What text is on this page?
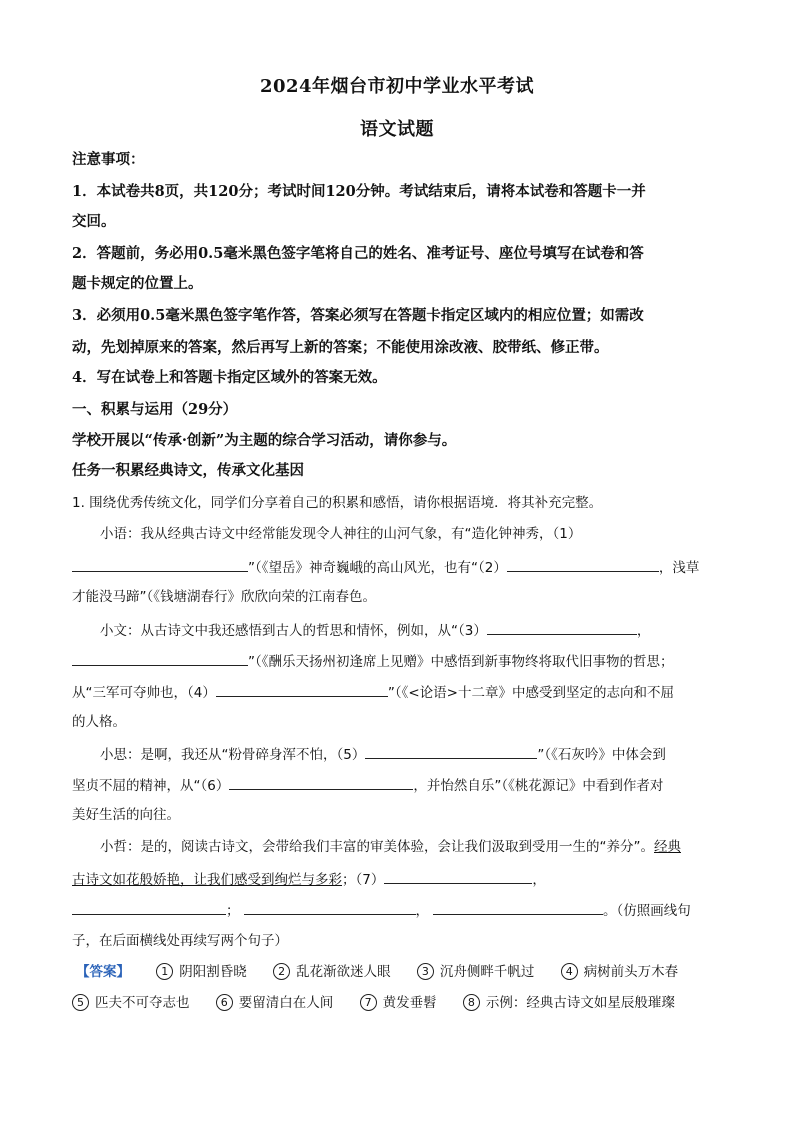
2024年烟台市初中学业水平考试
语文试题
注意事项：
1．本试卷共8页，共120分；考试时间120分钟。考试结束后，请将本试卷和答题卡一并
交回。
2．答题前，务必用0.5毫米黑色签字笔将自己的姓名、准考证号、座位号填写在试卷和答
题卡规定的位置上。
3．必须用0.5毫米黑色签字笔作答，答案必须写在答题卡指定区域内的相应位置；如需改
动，先划掉原来的答案，然后再写上新的答案；不能使用涂改液、胶带纸、修正带。
4．写在试卷上和答题卡指定区域外的答案无效。
一、积累与运用（29分）
学校开展以“传承·创新”为主题的综合学习活动，请你参与。
任务一积累经典诗文，传承文化基因
1. 围绕优秀传统文化，同学们分享着自己的积累和感悟，请你根据语境．将其补充完整。
小语：我从经典古诗文中经常能发现令人神往的山河气象，有“造化钟神秀，（1）
”（《望岳》神奇巍峨的高山风光，也有“（2）	，浅草
才能没马蹄”（《钱塘湖春行》欣欣向荣的江南春色。
小文：从古诗文中我还感悟到古人的哲思和情怀，例如，从“（3）	，
”（《酬乐天扬州初逢席上见赠》中感悟到新事物终将取代旧事物的哲思；
从“三军可夺帅也，（4）	”（《<论语>十二章》中感受到坚定的志向和不屈
的人格。
小思：是啊，我还从“粉骨碎身浑不怕，（5）	”（《石灰吟》中体会到
坚贞不屈的精神，从“（6）	，并怡然自乐”（《桃花源记》中看到作者对
美好生活的向往。
小哲：是的，阅读古诗文，会带给我们丰富的审美体验，会让我们汲取到受用一生的“养分”。经典
古诗文如花般娇艳，让我们感受到绚烂与多彩；（7）	，
；	，	。（仿照画线句
子，在后面横线处再续写两个句子）
【答案】	1 阴阳割昏晓	2 乱花渐欲迷人眼	3 沉舟侧畔千帆过	4 病树前头万木春
5 匹夫不可夺志也	6 要留清白在人间	7 黄发垂髫	8 示例：经典古诗文如星辰般璀璨
